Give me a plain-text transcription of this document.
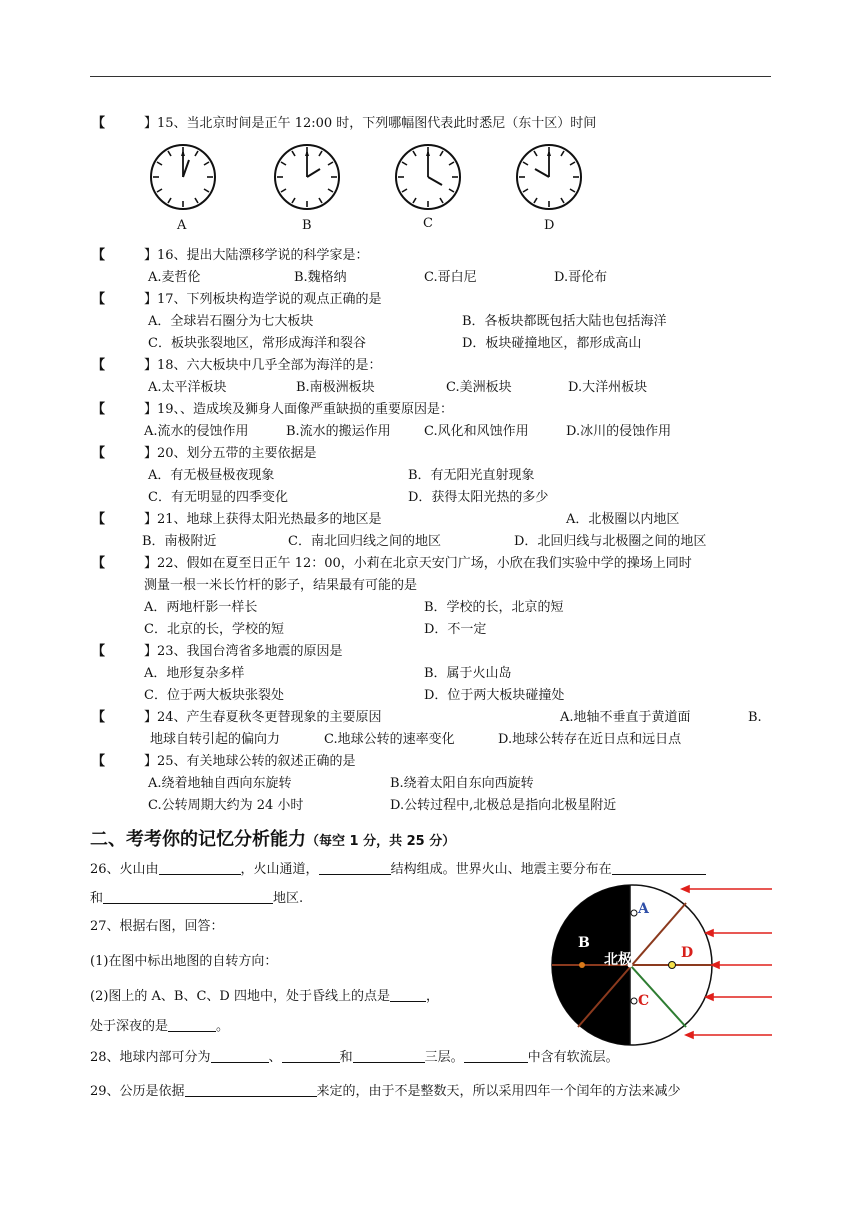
【	】15、当北京时间是正午 12:00 时，下列哪幅图代表此时悉尼（东十区）时间
A	B	C	D
【	】16、提出大陆漂移学说的科学家是：
A.麦哲伦	B.魏格纳	C.哥白尼	D.哥伦布
【	】17、下列板块构造学说的观点正确的是
A．全球岩石圈分为七大板块	B．各板块都既包括大陆也包括海洋
C．板块张裂地区，常形成海洋和裂谷	D．板块碰撞地区，都形成高山
【	】18、六大板块中几乎全部为海洋的是：
A.太平洋板块	B.南极洲板块	C.美洲板块	D.大洋州板块
【	】19、、造成埃及狮身人面像严重缺损的重要原因是：
A.流水的侵蚀作用	B.流水的搬运作用	C.风化和风蚀作用	D.冰川的侵蚀作用
【	】20、划分五带的主要依据是
A．有无极昼极夜现象	B．有无阳光直射现象
C．有无明显的四季变化	D．获得太阳光热的多少
【	】21、地球上获得太阳光热最多的地区是	A．北极圈以内地区
B．南极附近	C．南北回归线之间的地区	D．北回归线与北极圈之间的地区
【	】22、假如在夏至日正午 12：00，小莉在北京天安门广场，小欣在我们实验中学的操场上同时
测量一根一米长竹杆的影子，结果最有可能的是
A．两地杆影一样长	B．学校的长，北京的短
C．北京的长，学校的短	D．不一定
【	】23、我国台湾省多地震的原因是
A．地形复杂多样	B．属于火山岛
C．位于两大板块张裂处	D．位于两大板块碰撞处
【	】24、产生春夏秋冬更替现象的主要原因	A.地轴不垂直于黄道面	B.
地球自转引起的偏向力	C.地球公转的速率变化	D.地球公转存在近日点和远日点
【	】25、有关地球公转的叙述正确的是
A.绕着地轴自西向东旋转	B.绕着太阳自东向西旋转
C.公转周期大约为 24 小时	D.公转过程中,北极总是指向北极星附近
二、考考你的记忆分析能力（每空 1 分，共 25 分）
26、火山由	，火山通道，	结构组成。世界火山、地震主要分布在
和	地区.
27、根据右图，回答：
(1)在图中标出地图的自转方向：
(2)图上的 A、B、C、D 四地中，处于昏线上的点是	，
处于深夜的是	。
A
B
北极
C
D
28、地球内部可分为	、	和	三层。	中含有软流层。
29、公历是依据	来定的，由于不是整数天，所以采用四年一个闰年的方法来减少
